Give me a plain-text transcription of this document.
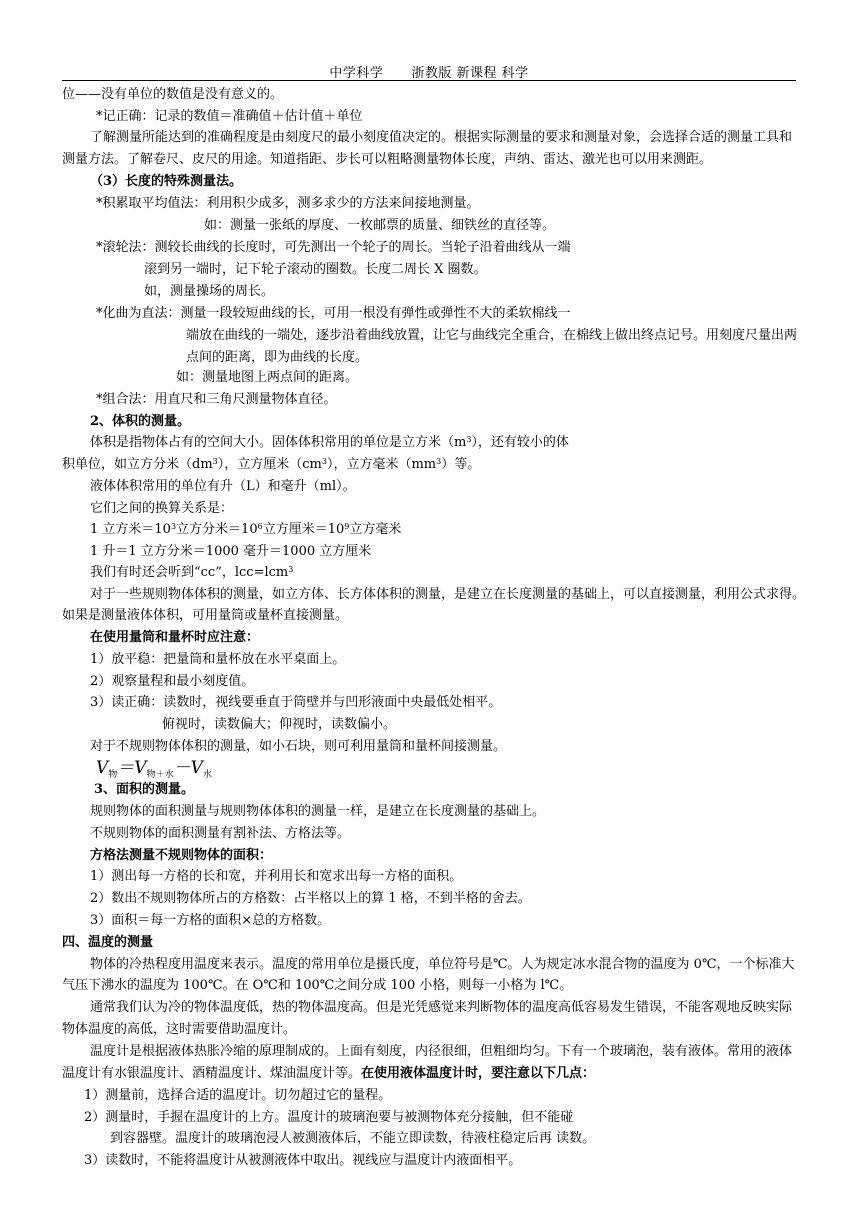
中学科学 浙教版 新课程 科学
位——没有单位的数值是没有意义的。
*记正确：记录的数值＝准确值＋估计值＋单位
了解测量所能达到的准确程度是由刻度尺的最小刻度值决定的。根据实际测量的要求和测量对象，会选择合适的测量工具和
测量方法。了解卷尺、皮尺的用途。知道指距、步长可以粗略测量物体长度，声纳、雷达、激光也可以用来测距。
（3）长度的特殊测量法。
*积累取平均值法：利用积少成多，测多求少的方法来间接地测量。
如：测量一张纸的厚度、一枚邮票的质量、细铁丝的直径等。
*滚轮法：测较长曲线的长度时，可先测出一个轮子的周长。当轮子沿着曲线从一端
滚到另一端时，记下轮子滚动的圈数。长度二周长 X 圈数。
如，测量操场的周长。
*化曲为直法：测量一段较短曲线的长，可用一根没有弹性或弹性不大的柔软棉线一
端放在曲线的一端处，逐步沿着曲线放置，让它与曲线完全重合，在棉线上做出终点记号。用刻度尺量出两
点间的距离，即为曲线的长度。
如：测量地图上两点间的距离。
*组合法：用直尺和三角尺测量物体直径。
2、体积的测量。
体积是指物体占有的空间大小。固体体积常用的单位是立方米$(m^3)$，还有较小的体
积单位，如立方分米$(dm^3)$，立方厘米$(cm^3)$，立方毫米$(mm^3)$等。
液体体积常用的单位有升（L）和毫升（ml）。
它们之间的换算关系是：
1 立方米$=10^3$立方分米$=10^6$立方厘米$=10^9$立方毫米
1 升＝1 立方分米＝1000 毫升＝1000 立方厘米
我们有时还会听到“cc”，lcc=lcm$^3$
对于一些规则物体体积的测量，如立方体、长方体体积的测量，是建立在长度测量的基础上，可以直接测量，利用公式求得。
如果是测量液体体积，可用量筒或量杯直接测量。
在使用量筒和量杯时应注意：
1）放平稳：把量筒和量杯放在水平桌面上。
2）观察量程和最小刻度值。
3）读正确：读数时，视线要垂直于筒壁并与凹形液面中央最低处相平。
俯视时，读数偏大；仰视时，读数偏小。
对于不规则物体体积的测量，如小石块，则可利用量筒和量杯间接测量。
$V_物=V_{物+水}-V_水$
3、面积的测量。
规则物体的面积测量与规则物体体积的测量一样，是建立在长度测量的基础上。
不规则物体的面积测量有割补法、方格法等。
方格法测量不规则物体的面积：
1）测出每一方格的长和宽，并利用长和宽求出每一方格的面积。
2）数出不规则物体所占的方格数：占半格以上的算 1 格，不到半格的舍去。
3）面积＝每一方格的面积×总的方格数。
四、温度的测量
物体的冷热程度用温度来表示。温度的常用单位是摄氏度，单位符号是℃。人为规定冰水混合物的温度为 0℃，一个标准大
气压下沸水的温度为 100℃。在 O℃和 100℃之间分成 100 小格，则每一小格为 l℃。
通常我们认为冷的物体温度低，热的物体温度高。但是光凭感觉来判断物体的温度高低容易发生错误，不能客观地反映实际
物体温度的高低，这时需要借助温度计。
温度计是根据液体热胀冷缩的原理制成的。上面有刻度，内径很细，但粗细均匀。下有一个玻璃泡，装有液体。常用的液体
温度计有水银温度计、酒精温度计、煤油温度计等。在使用液体温度计时，要注意以下几点：
1）测量前，选择合适的温度计。切勿超过它的量程。
2）测量时，手握在温度计的上方。温度计的玻璃泡要与被测物体充分接触，但不能碰
到容器壁。温度计的玻璃泡浸人被测液体后，不能立即读数，待液柱稳定后再 读数。
3）读数时，不能将温度计从被测液体中取出。视线应与温度计内液面相平。
